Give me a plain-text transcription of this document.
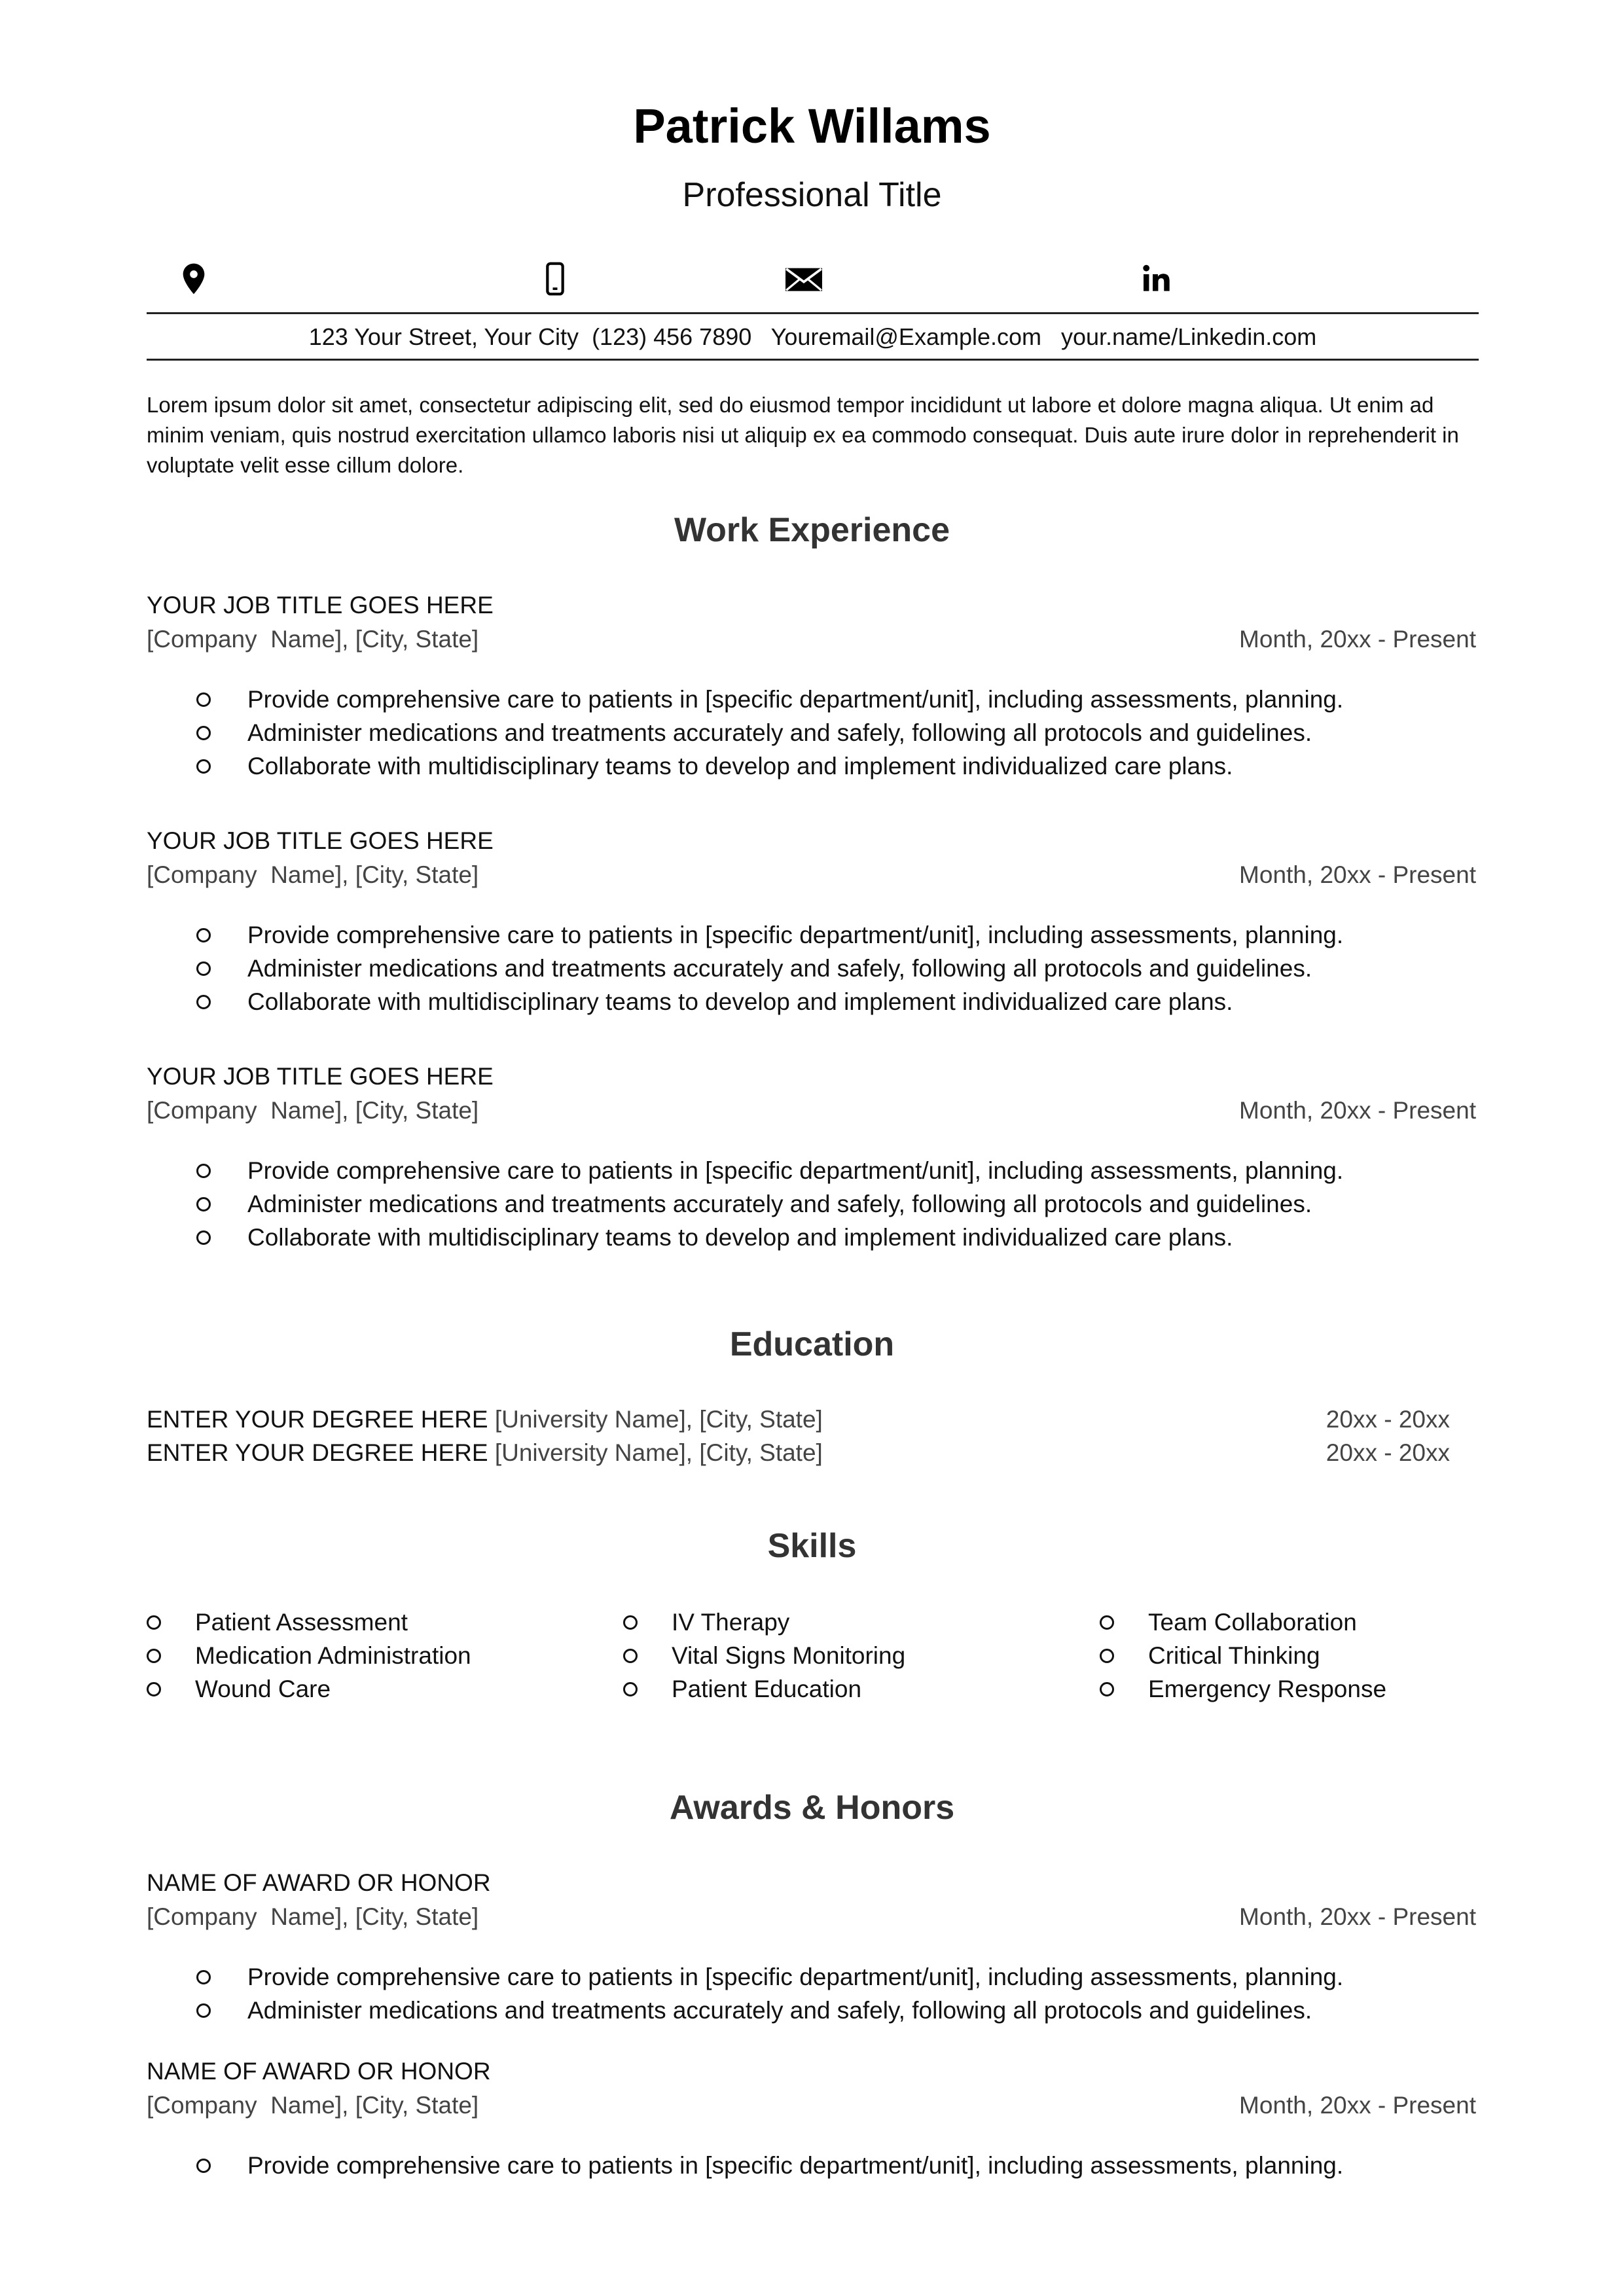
Patrick Willams
Professional Title
123 Your Street, Your City  (123) 456 7890   Youremail@Example.com   your.name/Linkedin.com
Lorem ipsum dolor sit amet, consectetur adipiscing elit, sed do eiusmod tempor incididunt ut labore et dolore magna aliqua. Ut enim ad minim veniam, quis nostrud exercitation ullamco laboris nisi ut aliquip ex ea commodo consequat. Duis aute irure dolor in reprehenderit in voluptate velit esse cillum dolore.
Work Experience
YOUR JOB TITLE GOES HERE
[Company  Name], [City, State]	Month, 20xx - Present
Provide comprehensive care to patients in [specific department/unit], including assessments, planning.
Administer medications and treatments accurately and safely, following all protocols and guidelines.
Collaborate with multidisciplinary teams to develop and implement individualized care plans.
YOUR JOB TITLE GOES HERE
[Company  Name], [City, State]	Month, 20xx - Present
Provide comprehensive care to patients in [specific department/unit], including assessments, planning.
Administer medications and treatments accurately and safely, following all protocols and guidelines.
Collaborate with multidisciplinary teams to develop and implement individualized care plans.
YOUR JOB TITLE GOES HERE
[Company  Name], [City, State]	Month, 20xx - Present
Provide comprehensive care to patients in [specific department/unit], including assessments, planning.
Administer medications and treatments accurately and safely, following all protocols and guidelines.
Collaborate with multidisciplinary teams to develop and implement individualized care plans.
Education
ENTER YOUR DEGREE HERE [University Name], [City, State]	20xx - 20xx
ENTER YOUR DEGREE HERE [University Name], [City, State]	20xx - 20xx
Skills
Patient Assessment
Medication Administration
Wound Care
IV Therapy
Vital Signs Monitoring
Patient Education
Team Collaboration
Critical Thinking
Emergency Response
Awards & Honors
NAME OF AWARD OR HONOR
[Company  Name], [City, State]	Month, 20xx - Present
Provide comprehensive care to patients in [specific department/unit], including assessments, planning.
Administer medications and treatments accurately and safely, following all protocols and guidelines.
NAME OF AWARD OR HONOR
[Company  Name], [City, State]	Month, 20xx - Present
Provide comprehensive care to patients in [specific department/unit], including assessments, planning.
